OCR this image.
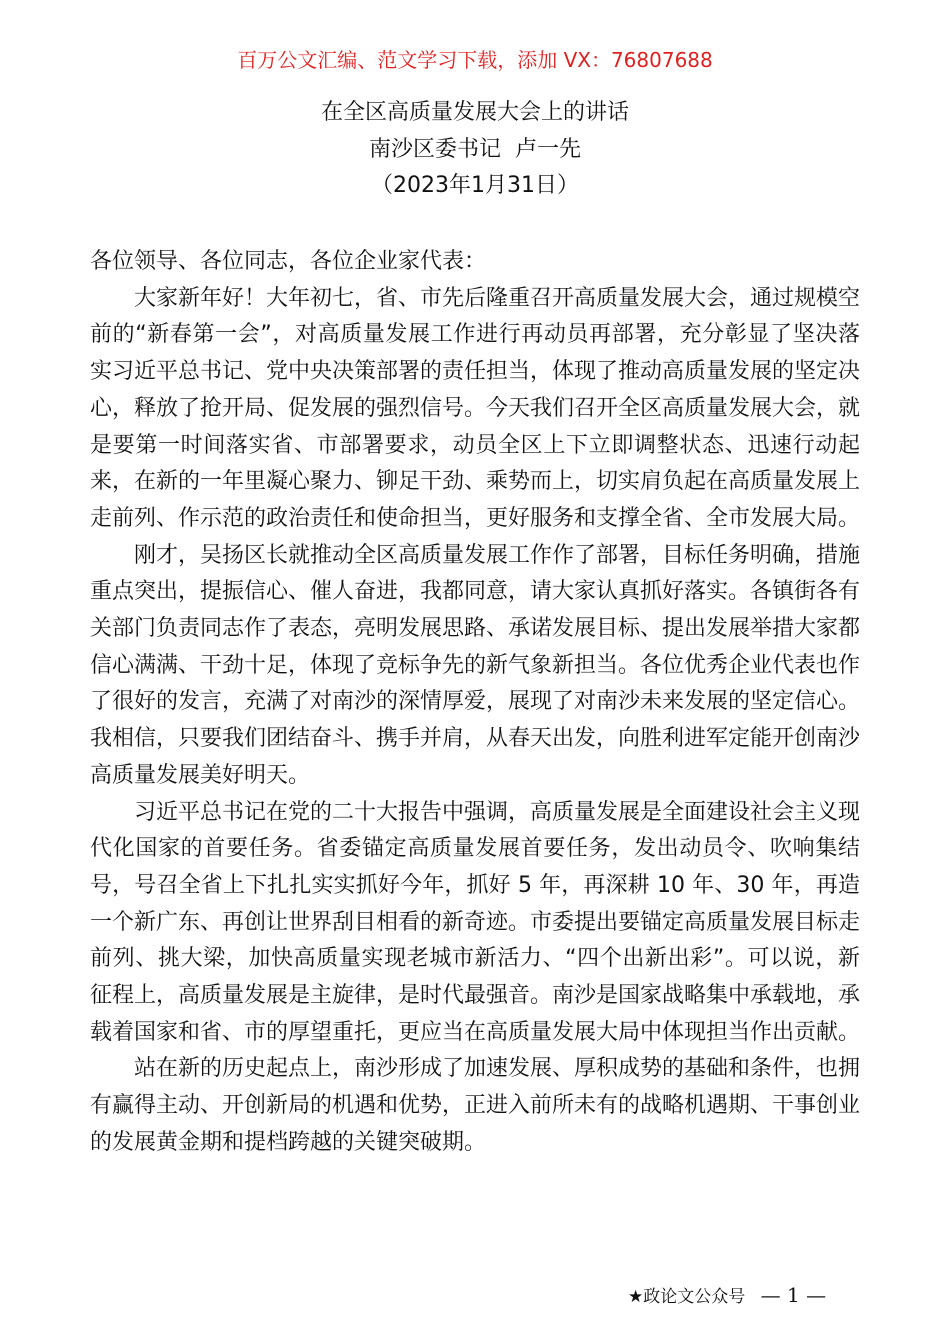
百万公文汇编、范文学习下载，添加 VX：76807688
在全区高质量发展大会上的讲话
南沙区委书记  卢一先
（2023年1月31日）

各位领导、各位同志，各位企业家代表：

大家新年好！大年初七，省、市先后隆重召开高质量发展大会，通过规模空前的“新春第一会”，对高质量发展工作进行再动员再部署，充分彰显了坚决落实习近平总书记、党中央决策部署的责任担当，体现了推动高质量发展的坚定决心，释放了抢开局、促发展的强烈信号。今天我们召开全区高质量发展大会，就是要第一时间落实省、市部署要求，动员全区上下立即调整状态、迅速行动起来，在新的一年里凝心聚力、铆足干劲、乘势而上，切实肩负起在高质量发展上走前列、作示范的政治责任和使命担当，更好服务和支撑全省、全市发展大局。

刚才，吴扬区长就推动全区高质量发展工作作了部署，目标任务明确，措施重点突出，提振信心、催人奋进，我都同意，请大家认真抓好落实。各镇街各有关部门负责同志作了表态，亮明发展思路、承诺发展目标、提出发展举措大家都信心满满、干劲十足，体现了竞标争先的新气象新担当。各位优秀企业代表也作了很好的发言，充满了对南沙的深情厚爱，展现了对南沙未来发展的坚定信心。我相信，只要我们团结奋斗、携手并肩，从春天出发，向胜利进军定能开创南沙高质量发展美好明天。

习近平总书记在党的二十大报告中强调，高质量发展是全面建设社会主义现代化国家的首要任务。省委锚定高质量发展首要任务，发出动员令、吹响集结号，号召全省上下扎扎实实抓好今年，抓好 5 年，再深耕 10 年、30 年，再造一个新广东、再创让世界刮目相看的新奇迹。市委提出要锚定高质量发展目标走前列、挑大梁，加快高质量实现老城市新活力、“四个出新出彩”。可以说，新征程上，高质量发展是主旋律，是时代最强音。南沙是国家战略集中承载地，承载着国家和省、市的厚望重托，更应当在高质量发展大局中体现担当作出贡献。

站在新的历史起点上，南沙形成了加速发展、厚积成势的基础和条件，也拥有赢得主动、开创新局的机遇和优势，正进入前所未有的战略机遇期、干事创业的发展黄金期和提档跨越的关键突破期。

★政论文公众号 — 1 —
